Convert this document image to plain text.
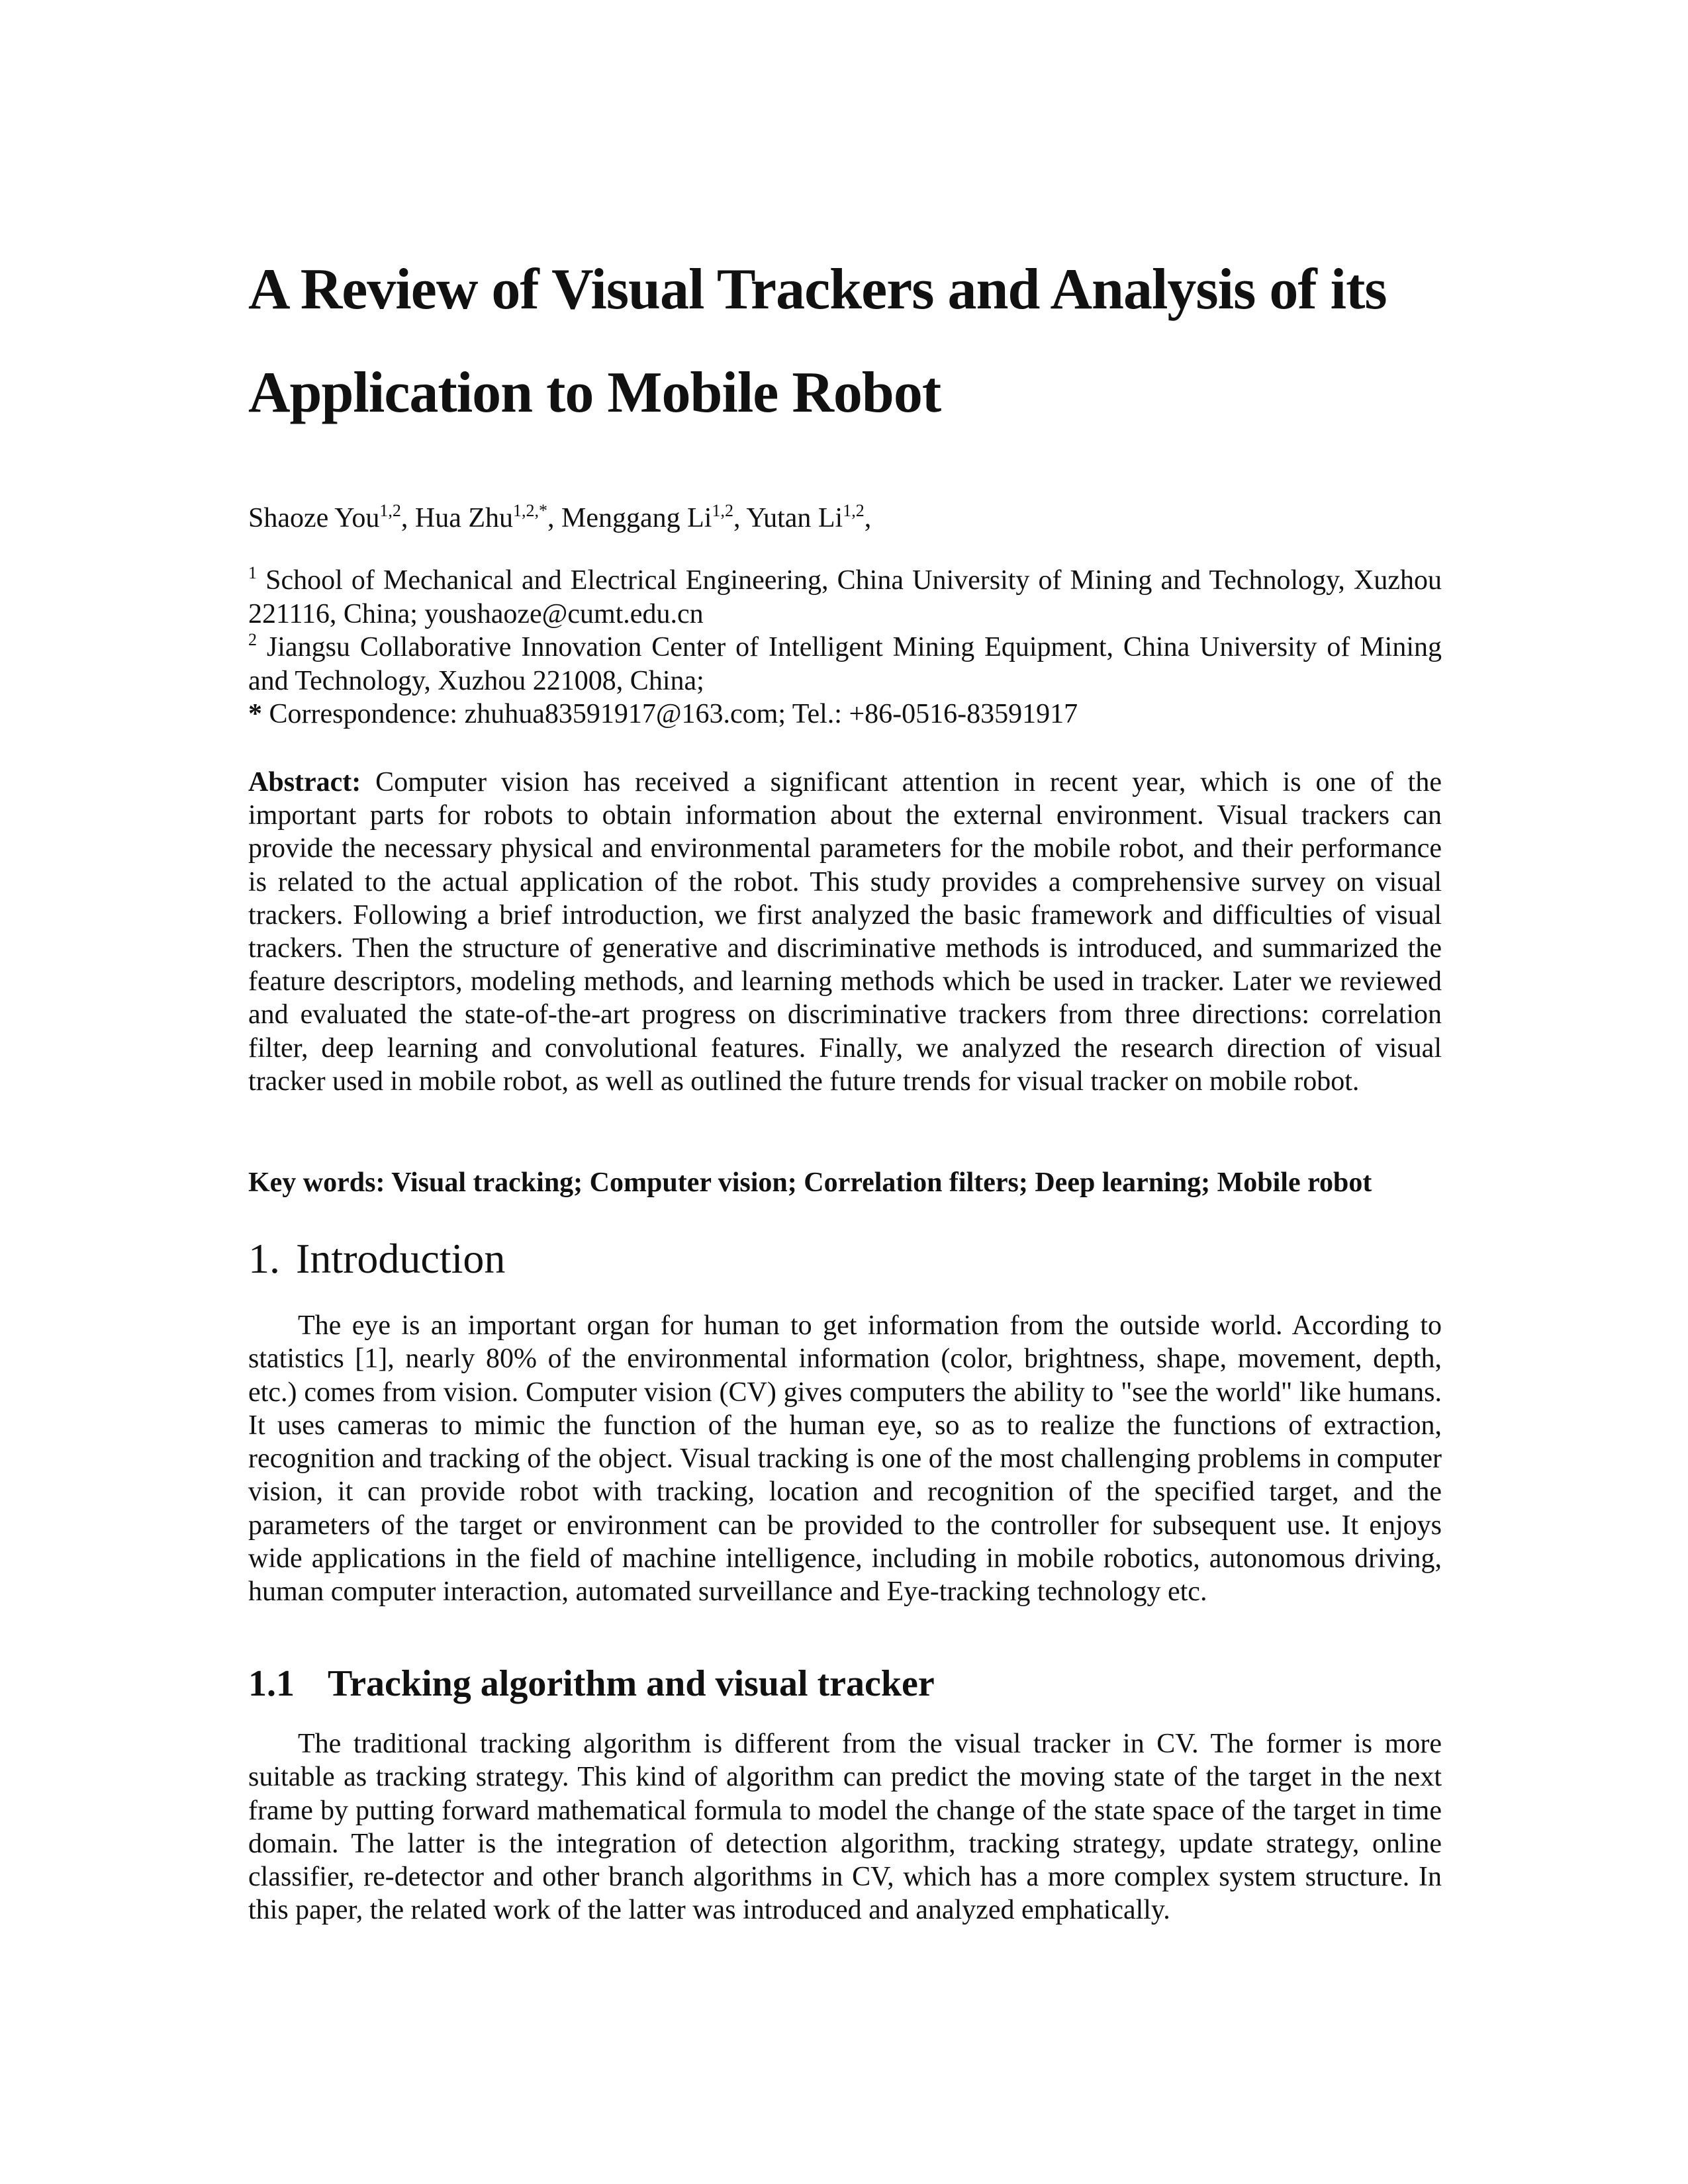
A Review of Visual Trackers and Analysis of its
Application to Mobile Robot
Shaoze You$^{1,2}$, Hua Zhu$^{1,2,*}$, Menggang Li$^{1,2}$, Yutan Li$^{1,2}$,

$^1$ School of Mechanical and Electrical Engineering, China University of Mining and Technology, Xuzhou 221116, China; youshaoze@cumt.edu.cn

$^2$ Jiangsu Collaborative Innovation Center of Intelligent Mining Equipment, China University of Mining and Technology, Xuzhou 221008, China;

* Correspondence: zhuhua83591917@163.com; Tel.: +86-0516-83591917

Abstract: Computer vision has received a significant attention in recent year, which is one of the important parts for robots to obtain information about the external environment. Visual trackers can provide the necessary physical and environmental parameters for the mobile robot, and their performance is related to the actual application of the robot. This study provides a comprehensive survey on visual trackers. Following a brief introduction, we first analyzed the basic framework and difficulties of visual trackers. Then the structure of generative and discriminative methods is introduced, and summarized the feature descriptors, modeling methods, and learning methods which be used in tracker. Later we reviewed and evaluated the state-of-the-art progress on discriminative trackers from three directions: correlation filter, deep learning and convolutional features. Finally, we analyzed the research direction of visual tracker used in mobile robot, as well as outlined the future trends for visual tracker on mobile robot.

Key words: Visual tracking; Computer vision; Correlation filters; Deep learning; Mobile robot

1. Introduction

The eye is an important organ for human to get information from the outside world. According to statistics [1], nearly 80% of the environmental information (color, brightness, shape, movement, depth, etc.) comes from vision. Computer vision (CV) gives computers the ability to "see the world" like humans. It uses cameras to mimic the function of the human eye, so as to realize the functions of extraction, recognition and tracking of the object. Visual tracking is one of the most challenging problems in computer vision, it can provide robot with tracking, location and recognition of the specified target, and the parameters of the target or environment can be provided to the controller for subsequent use. It enjoys wide applications in the field of machine intelligence, including in mobile robotics, autonomous driving, human computer interaction, automated surveillance and Eye-tracking technology etc.

1.1 Tracking algorithm and visual tracker

The traditional tracking algorithm is different from the visual tracker in CV. The former is more suitable as tracking strategy. This kind of algorithm can predict the moving state of the target in the next frame by putting forward mathematical formula to model the change of the state space of the target in time domain. The latter is the integration of detection algorithm, tracking strategy, update strategy, online classifier, re-detector and other branch algorithms in CV, which has a more complex system structure. In this paper, the related work of the latter was introduced and analyzed emphatically.
